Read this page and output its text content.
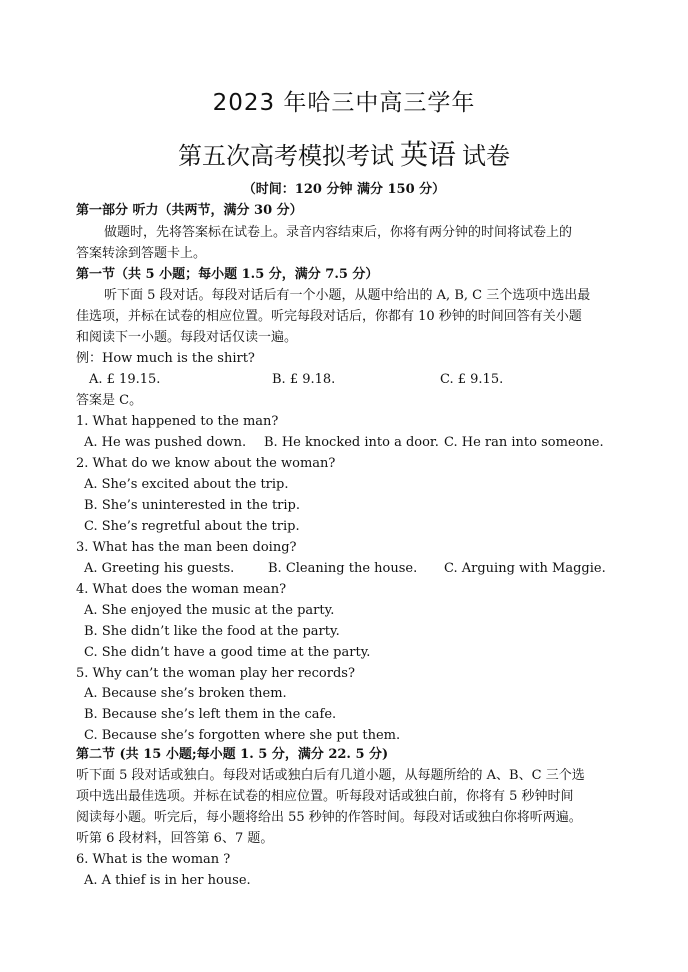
2023 年哈三中高三学年
第五次高考模拟考试 英语 试卷
（时间：120 分钟 满分 150 分）
第一部分 听力（共两节，满分 30 分）
做题时，先将答案标在试卷上。录音内容结束后，你将有两分钟的时间将试卷上的
答案转涂到答题卡上。
第一节（共 5 小题；每小题 1.5 分，满分 7.5 分）
听下面 5 段对话。每段对话后有一个小题，从题中给出的 A, B, C 三个选项中选出最
佳选项，并标在试卷的相应位置。听完每段对话后，你都有 10 秒钟的时间回答有关小题
和阅读下一小题。每段对话仅读一遍。
例：How much is the shirt?
A. £ 19.15.	B. £ 9.18.	C. £ 9.15.
答案是 C。
1. What happened to the man?
A. He was pushed down. B. He knocked into a door. C. He ran into someone.
2. What do we know about the woman?
A. She’s excited about the trip.
B. She’s uninterested in the trip.
C. She’s regretful about the trip.
3. What has the man been doing?
A. Greeting his guests.	B. Cleaning the house. C. Arguing with Maggie.
4. What does the woman mean?
A. She enjoyed the music at the party.
B. She didn’t like the food at the party.
C. She didn’t have a good time at the party.
5. Why can’t the woman play her records?
A. Because she’s broken them.
B. Because she’s left them in the cafe.
C. Because she’s forgotten where she put them.
第二节 (共 15 小题;每小题 1. 5 分，满分 22. 5 分)
听下面 5 段对话或独白。每段对话或独白后有几道小题，从每题所给的 A、B、C 三个选
项中选出最佳选项。并标在试卷的相应位置。听每段对话或独白前，你将有 5 秒钟时间
阅读每小题。听完后，每小题将给出 55 秒钟的作答时间。每段对话或独白你将听两遍。
听第 6 段材料，回答第 6、7 题。
6. What is the woman ?
A. A thief is in her house.
